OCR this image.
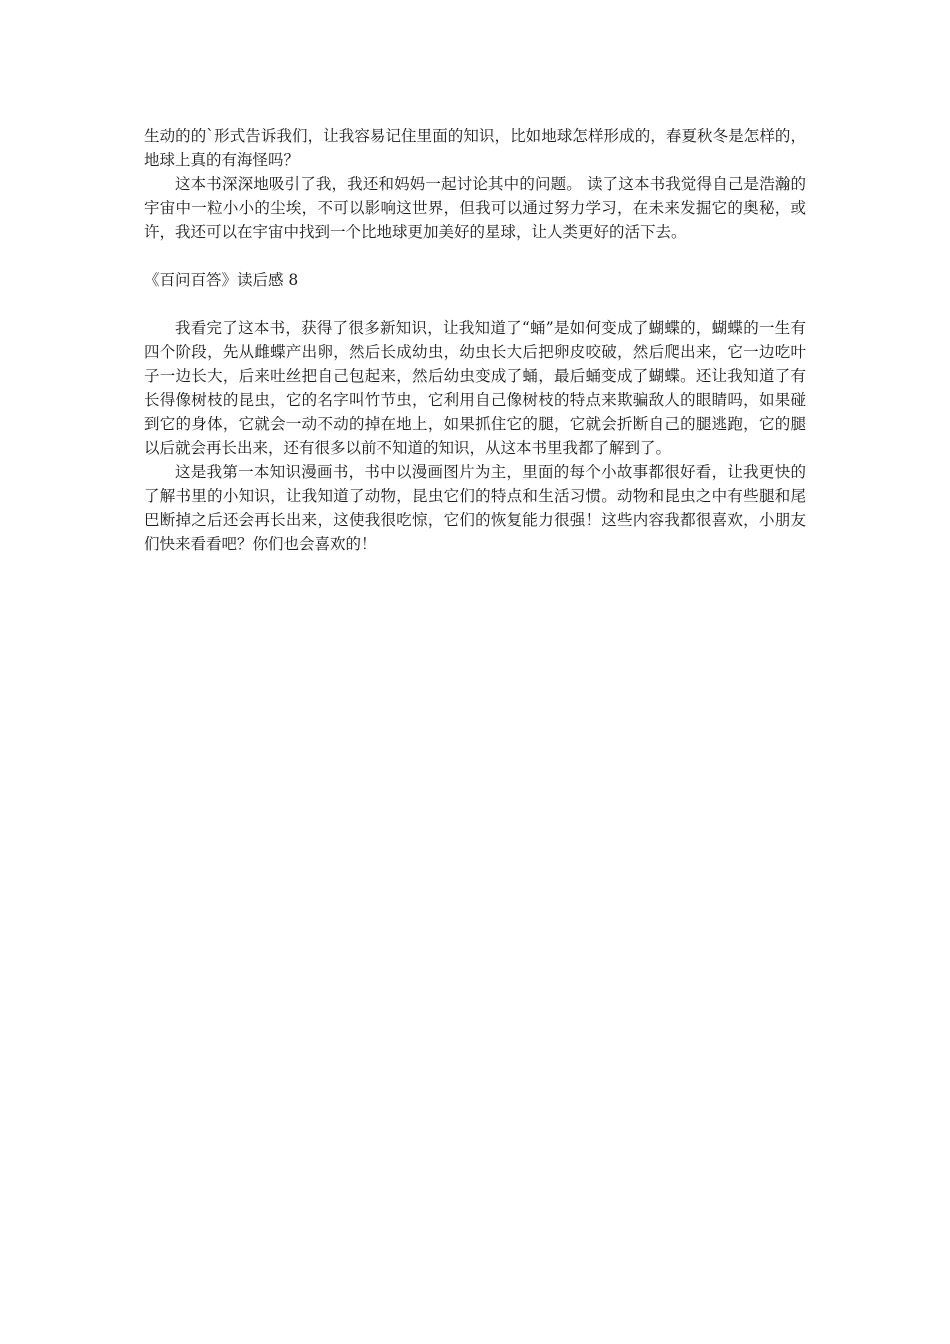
生动的的`形式告诉我们，让我容易记住里面的知识，比如地球怎样形成的，春夏秋冬是怎样的，地球上真的有海怪吗？

这本书深深地吸引了我，我还和妈妈一起讨论其中的问题。 读了这本书我觉得自己是浩瀚的宇宙中一粒小小的尘埃，不可以影响这世界，但我可以通过努力学习，在未来发掘它的奥秘，或许，我还可以在宇宙中找到一个比地球更加美好的星球，让人类更好的活下去。

《百问百答》读后感 8

我看完了这本书，获得了很多新知识，让我知道了“蛹”是如何变成了蝴蝶的，蝴蝶的一生有四个阶段，先从雌蝶产出卵，然后长成幼虫，幼虫长大后把卵皮咬破，然后爬出来，它一边吃叶子一边长大，后来吐丝把自己包起来，然后幼虫变成了蛹，最后蛹变成了蝴蝶。还让我知道了有长得像树枝的昆虫，它的名字叫竹节虫，它利用自己像树枝的特点来欺骗敌人的眼睛吗，如果碰到它的身体，它就会一动不动的掉在地上，如果抓住它的腿，它就会折断自己的腿逃跑，它的腿以后就会再长出来，还有很多以前不知道的知识，从这本书里我都了解到了。

这是我第一本知识漫画书，书中以漫画图片为主，里面的每个小故事都很好看，让我更快的了解书里的小知识，让我知道了动物，昆虫它们的特点和生活习惯。动物和昆虫之中有些腿和尾巴断掉之后还会再长出来，这使我很吃惊，它们的恢复能力很强！这些内容我都很喜欢，小朋友们快来看看吧？你们也会喜欢的！
